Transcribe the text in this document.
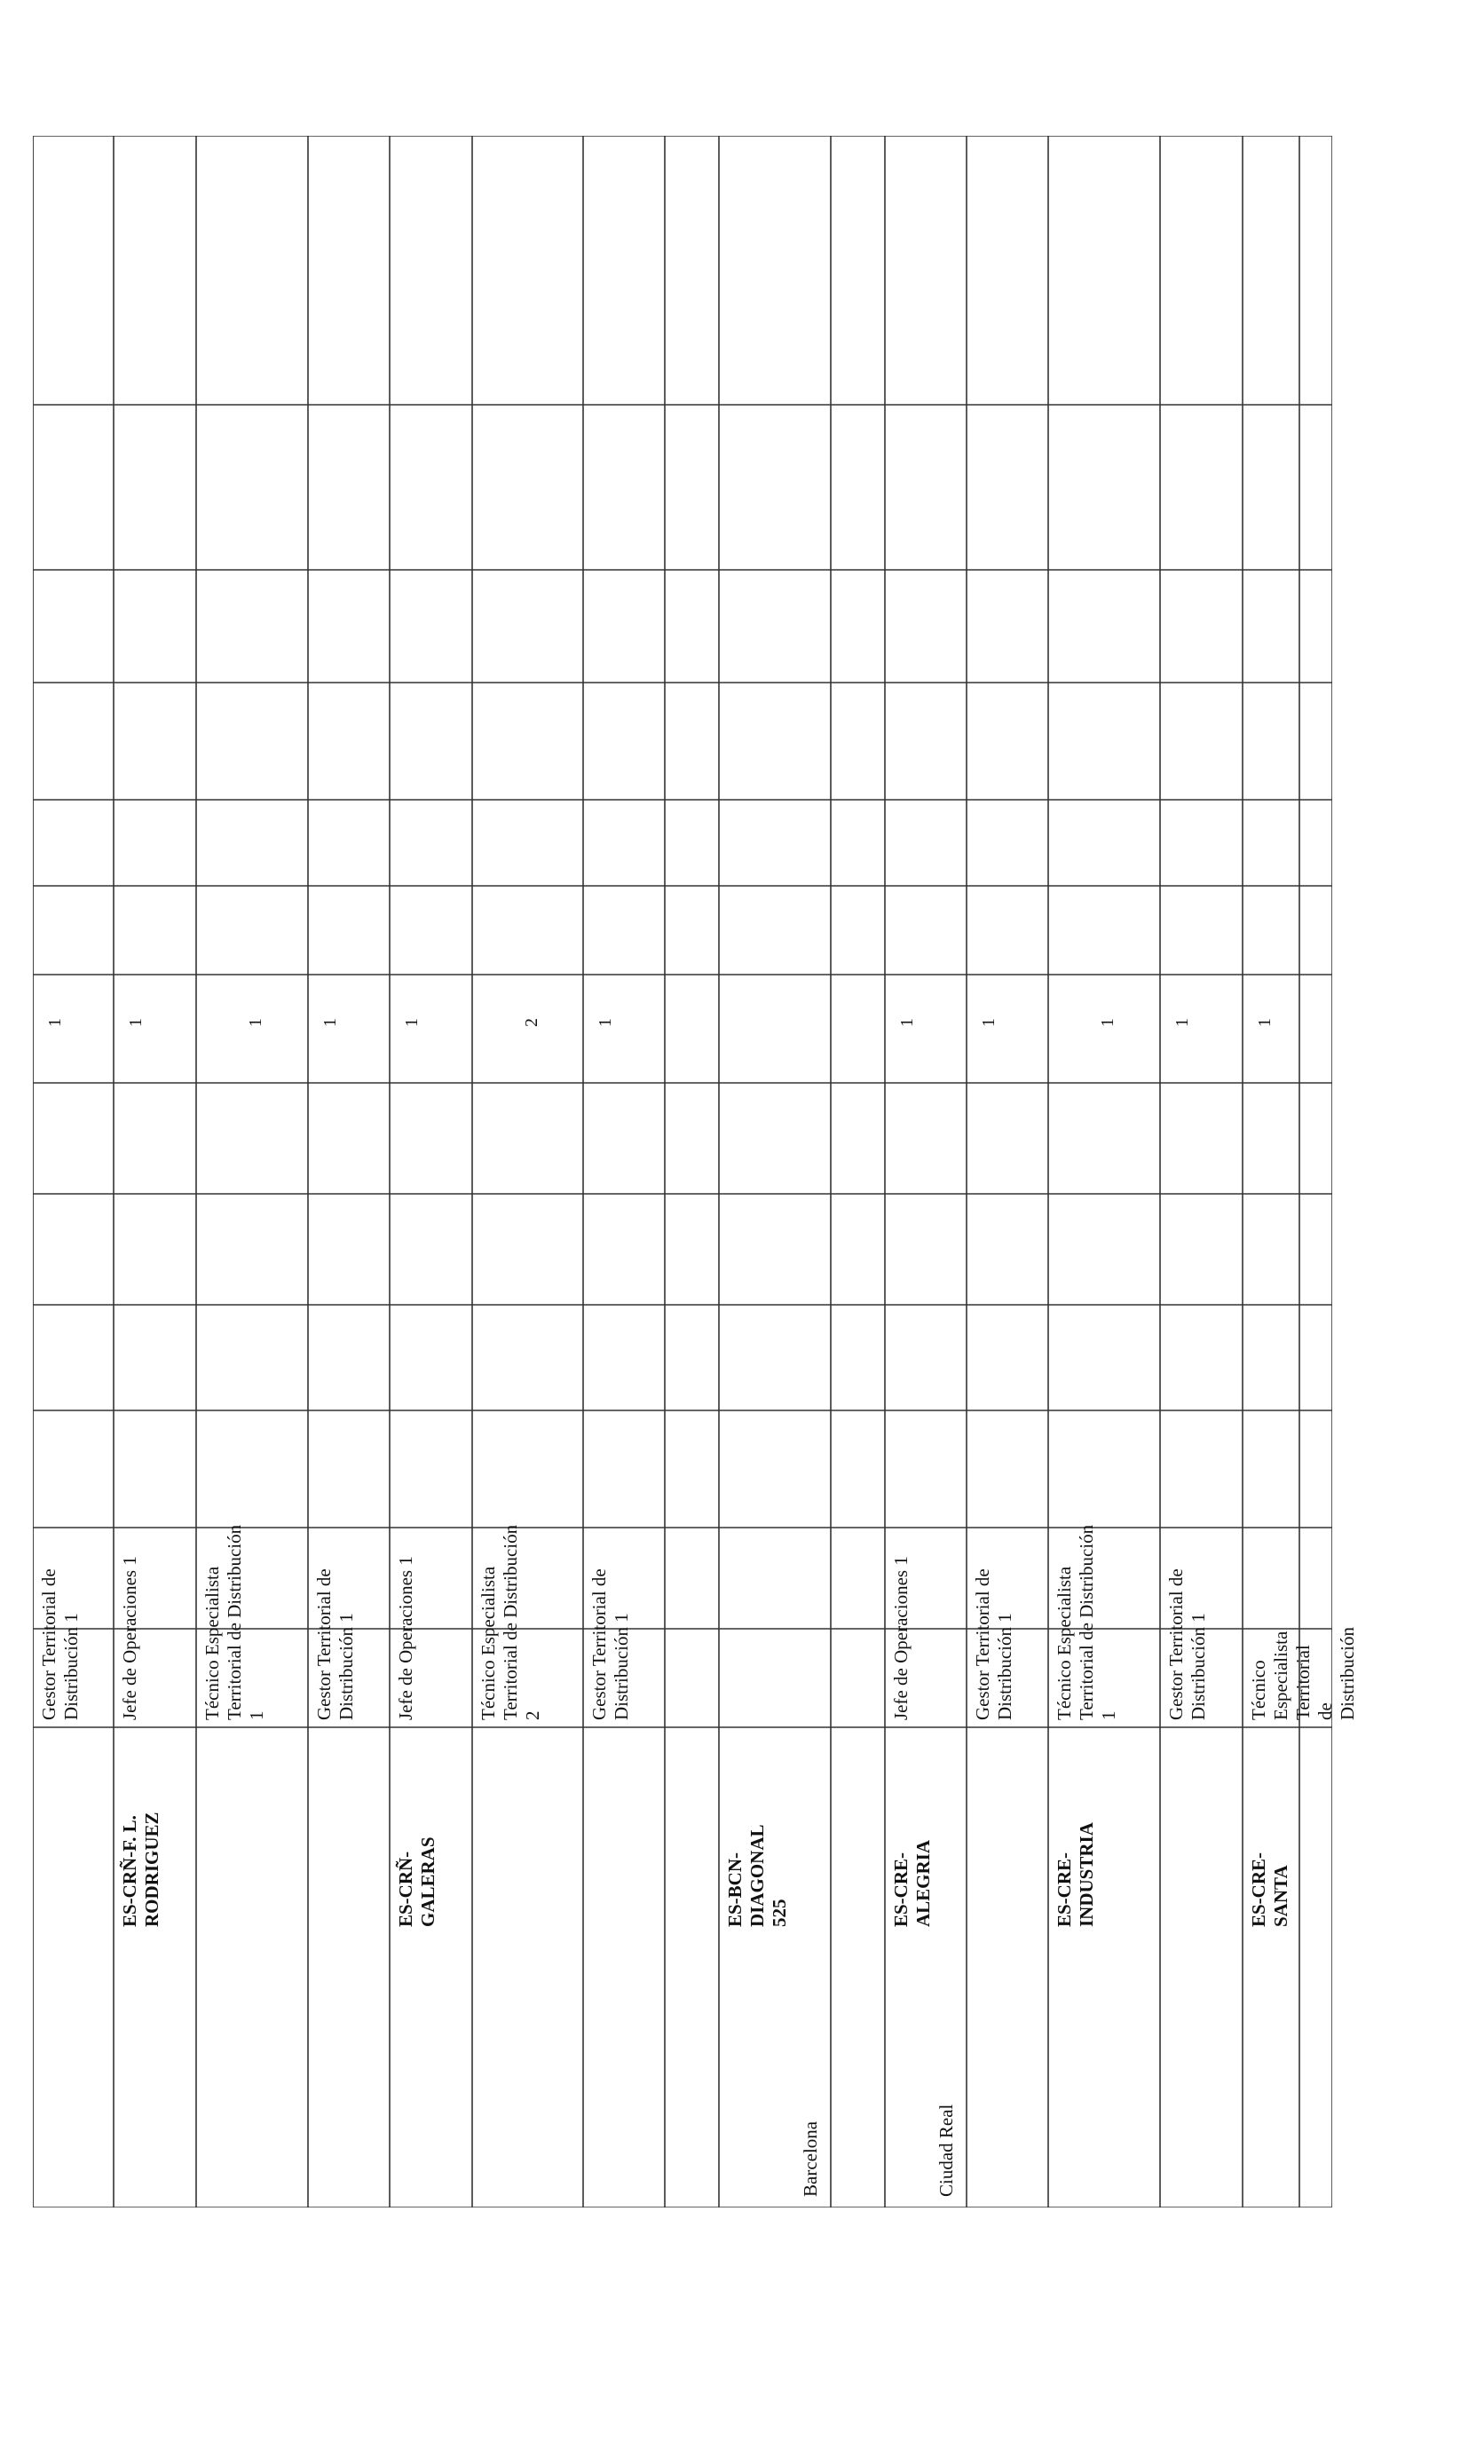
Gestor Territorial de
Distribución 1
1
ES-CRÑ-F. L.
RODRIGUEZ
Jefe de Operaciones 1
1
Técnico Especialista
Territorial de Distribución
1
1
Gestor Territorial de
Distribución 1
1
ES-CRÑ-
GALERAS
Jefe de Operaciones 1
1
Técnico Especialista
Territorial de Distribución
2
2
Gestor Territorial de
Distribución 1
1
Barcelona
ES-BCN-
DIAGONAL
525
Ciudad Real
ES-CRE-
ALEGRIA
Jefe de Operaciones 1
1
Gestor Territorial de
Distribución 1
1
ES-CRE-
INDUSTRIA
Técnico Especialista
Territorial de Distribución
1
1
Gestor Territorial de
Distribución 1
1
ES-CRE-
SANTA
Técnico Especialista
Territorial de Distribución
1
